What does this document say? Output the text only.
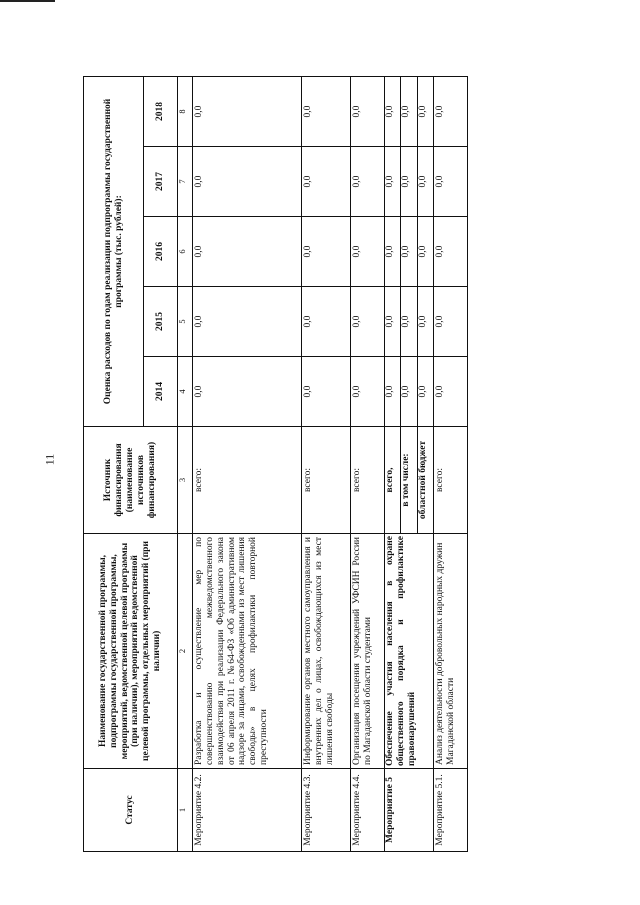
11
Статус	Наименование государственной программы, подпрограммы государственной программы, мероприятий, ведомственной целевой программы (при наличии), мероприятий ведомственной целевой программы, отдельных мероприятий (при наличии)	Источник финансирования (наименование источников финансирования)	Оценка расходов по годам реализации подпрограммы государственной программы (тыс. рублей):				
			2014	2015	2016	2017	2018
1	2	3	4	5	6	7	8
Мероприятие 4.2.	Разработка и осуществление мер по совершенствованию межведомственного взаимодействия при реализации Федерального закона от 06 апреля 2011 г. №64-ФЗ «Об административном надзоре за лицами, освобожденными из мест лишения свободы» в целях профилактики повторной преступности	всего:	0,0	0,0	0,0	0,0	0,0
Мероприятие 4.3.	Информирование органов местного самоуправления и внутренних дел о лицах, освобождающихся из мест лишения свободы	всего:	0,0	0,0	0,0	0,0	0,0
Мероприятие 4.4.	Организация посещения учреждений УФСИН России по Магаданской области студентами	всего:	0,0	0,0	0,0	0,0	0,0
Мероприятие 5	Обеспечение участия населения в охране общественного порядка и профилактике правонарушений	всего,	0,0	0,0	0,0	0,0	0,0
		в том числе:	0,0	0,0	0,0	0,0	0,0
		областной бюджет	0,0	0,0	0,0	0,0	0,0
Мероприятие 5.1.	Анализ деятельности добровольных народных дружин Магаданской области	всего:	0,0	0,0	0,0	0,0	0,0
